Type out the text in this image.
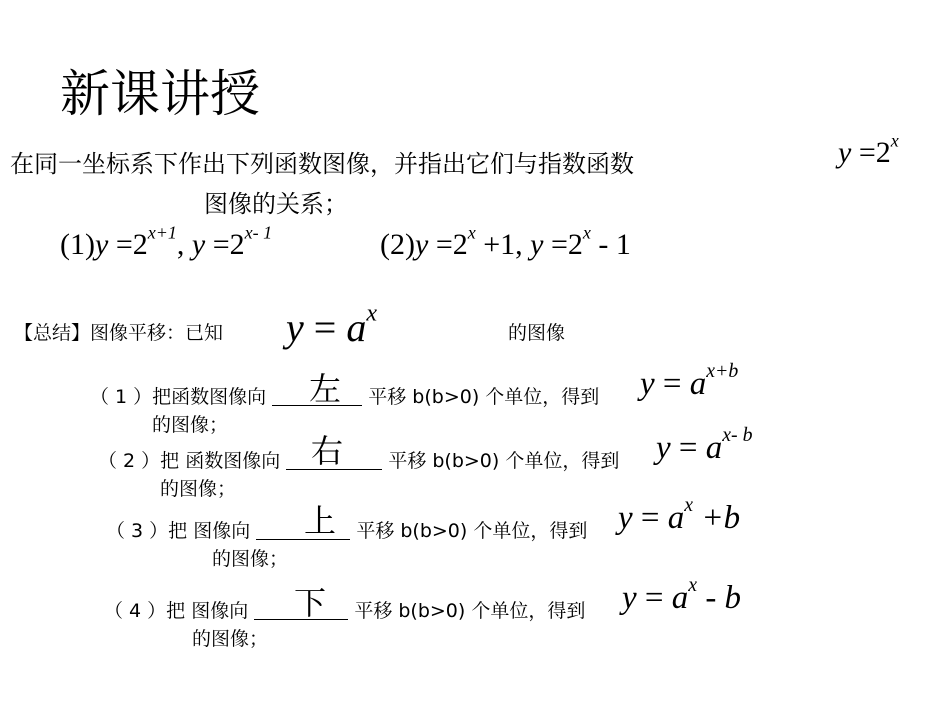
新课讲授
在同一坐标系下作出下列函数图像，并指出它们与指数函数	$y =2^x$
图像的关系；
$(1)y =2^{x+1}$, $y =2^{x- 1}$	$(2)y =2^x +1$, $y =2^x - 1$
【总结】图像平移：已知 $y = a^x$
的图像
（ 1 ）把函数图像向	平移 b(b>0) 个单位，得到
左
的图像；
$y = a^{x+b}$
（ 2 ）把 函数图像向	平移 b(b>0) 个单位，得到
右
的图像；
$y = a^{x- b}$
（ 3 ）把 图像向	平移 b(b>0) 个单位，得到
上
的图像；
$y = a^x +b$
（ 4 ）把 图像向	平移 b(b>0) 个单位，得到
下
的图像；
$y = a^x - b$
